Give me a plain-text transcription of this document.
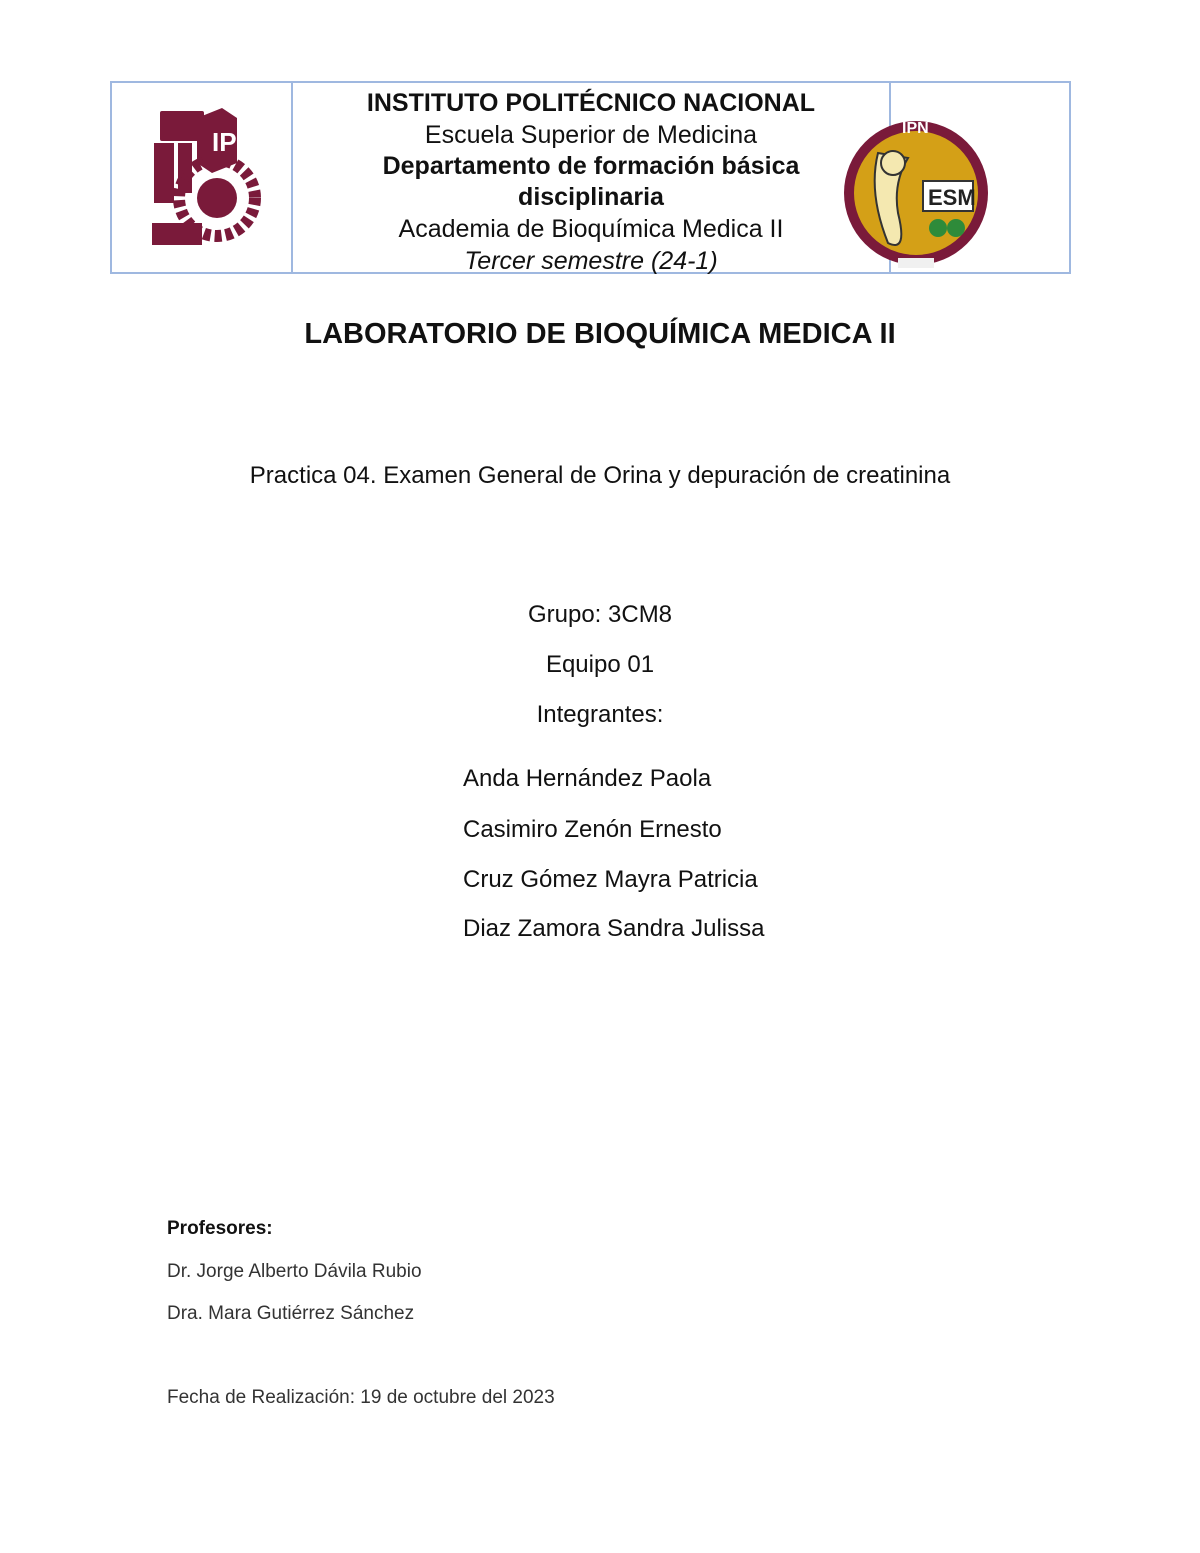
IPN
INSTITUTO POLITÉCNICO NACIONAL
Escuela Superior de Medicina
Departamento de formación básica
disciplinaria
Academia de Bioquímica Medica II
Tercer semestre (24-1)
ESM
IPN
LABORATORIO DE BIOQUÍMICA MEDICA II
Practica 04. Examen General de Orina y depuración de creatinina
Grupo: 3CM8
Equipo 01
Integrantes:
Anda Hernández Paola
Casimiro Zenón Ernesto
Cruz Gómez Mayra Patricia
Diaz Zamora Sandra Julissa
Profesores:
Dr. Jorge Alberto Dávila Rubio
Dra. Mara Gutiérrez Sánchez
Fecha de Realización: 19 de octubre del 2023
